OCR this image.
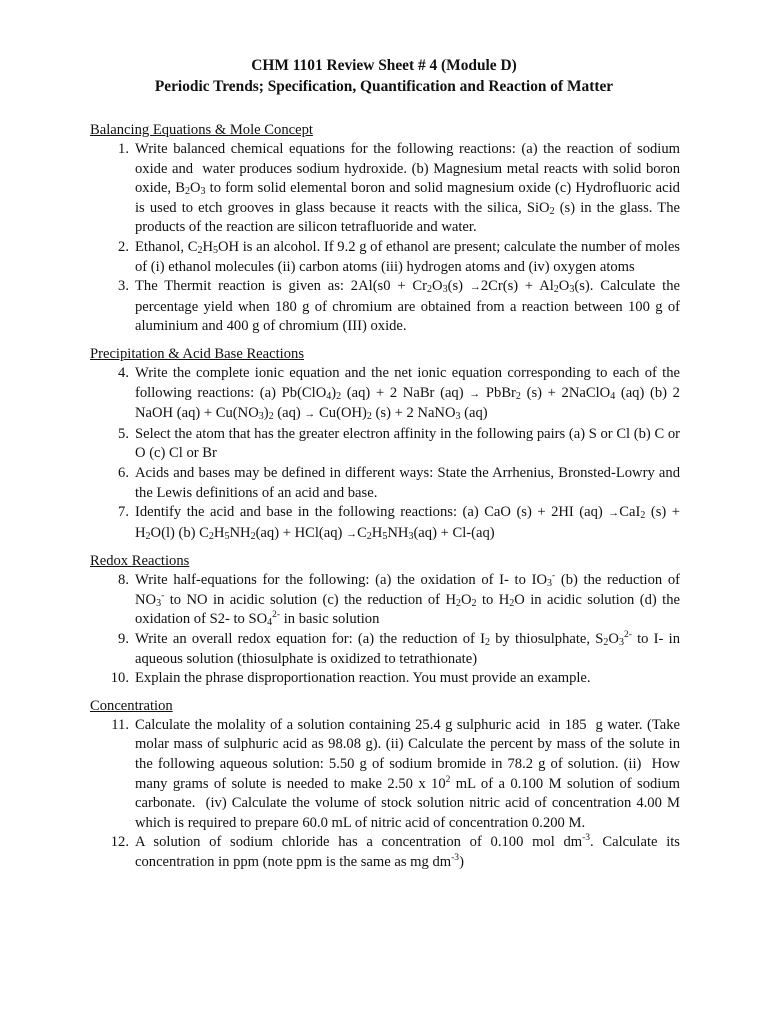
CHM 1101 Review Sheet # 4 (Module D)
Periodic Trends; Specification, Quantification and Reaction of Matter
Balancing Equations & Mole Concept
1. Write balanced chemical equations for the following reactions: (a) the reaction of sodium oxide and  water produces sodium hydroxide. (b) Magnesium metal reacts with solid boron oxide, $B_2O_3$ to form solid elemental boron and solid magnesium oxide (c) Hydrofluoric acid is used to etch grooves in glass because it reacts with the silica, SiO$_2$ (s) in the glass. The products of the reaction are silicon tetrafluoride and water.
2. Ethanol, $C_2H_5OH$ is an alcohol. If 9.2 g of ethanol are present; calculate the number of moles of (i) ethanol molecules (ii) carbon atoms (iii) hydrogen atoms and (iv) oxygen atoms
3. The Thermit reaction is given as: $2Al(s0 + Cr_2O_3(s) \to 2Cr(s) + Al_2O_3(s)$. Calculate the percentage yield when 180 g of chromium are obtained from a reaction between 100 g of aluminium and 400 g of chromium (III) oxide.
Precipitation & Acid Base Reactions
4. Write the complete ionic equation and the net ionic equation corresponding to each of the following reactions: (a) $Pb(ClO_4)_2$ (aq) + 2 NaBr (aq) → PbBr$_2$ (s) + 2NaClO$_4$ (aq) (b) 2 NaOH $(aq) + Cu(NO_3)_2$ $(aq) \to Cu(OH)_2$ (s) + 2 NaNO$_3$ (aq)
5. Select the atom that has the greater electron affinity in the following pairs (a) S or Cl (b) C or O (c) Cl or Br
6. Acids and bases may be defined in different ways: State the Arrhenius, Bronsted-Lowry and the Lewis definitions of an acid and base.
7. Identify the acid and base in the following reactions: (a) CaO (s) + 2HI (aq) →CaI$_2$ $(s) + H_2O(l)$ (b) $C_2H_5NH_2(aq) + HCl(aq) \to C_2H_5NH_3(aq) + Cl-(aq)$
Redox Reactions
8. Write half-equations for the following: (a) the oxidation of I- to $IO_3^-$ (b) the reduction of $NO_3^-$ to NO in acidic solution (c) the reduction of $H_2O_2$ to $H_2O$ in acidic solution (d) the oxidation of S2- to $SO_4^{2-}$ in basic solution
9. Write an overall redox equation for: (a) the reduction of $I_2$ by thiosulphate, $S_2O_3^{2-}$ to I- in aqueous solution (thiosulphate is oxidized to tetrathionate)
10. Explain the phrase disproportionation reaction. You must provide an example.
Concentration
11. Calculate the molality of a solution containing 25.4 g sulphuric acid  in 185  g water. (Take molar mass of sulphuric acid as 98.08 g). (ii) Calculate the percent by mass of the solute in the following aqueous solution: 5.50 g of sodium bromide in 78.2 g of solution. (ii)  How many grams of solute is needed to make 2.50 x $10^2$ mL of a 0.100 M solution of sodium carbonate.  (iv) Calculate the volume of stock solution nitric acid of concentration 4.00 M which is required to prepare 60.0 mL of nitric acid of concentration 0.200 M.
12. A solution of sodium chloride has a concentration of 0.100 mol $dm^{-3}$. Calculate its concentration in ppm (note ppm is the same as mg $dm^{-3}$)
